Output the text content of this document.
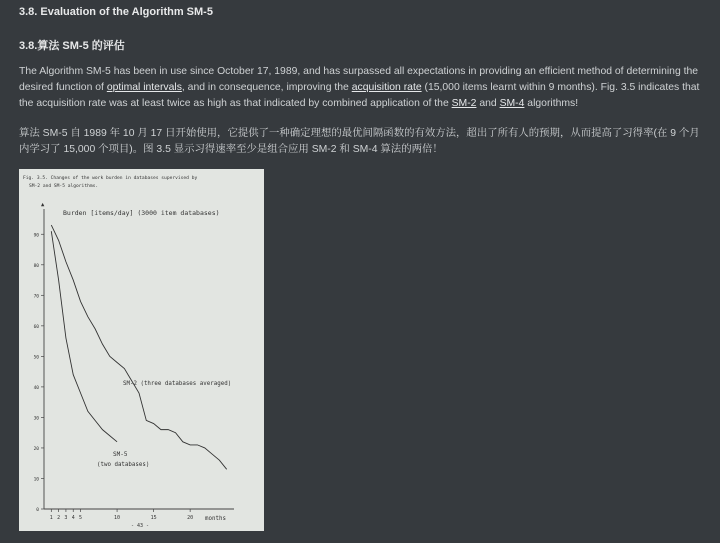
3.8. Evaluation of the Algorithm SM-5
3.8.算法 SM-5 的评估
The Algorithm SM-5 has been in use since October 17, 1989, and has surpassed all expectations in providing an efficient method of determining the desired function of optimal intervals, and in consequence, improving the acquisition rate (15,000 items learnt within 9 months). Fig. 3.5 indicates that the acquisition rate was at least twice as high as that indicated by combined application of the SM-2 and SM-4 algorithms!
算法 SM-5 自 1989 年 10 月 17 日开始使用，它提供了一种确定理想的最优间隔函数的有效方法，超出了所有人的预期，从而提高了习得率(在 9 个月内学习了 15,000 个项目)。图 3.5 显示习得速率至少是组合应用 SM-2 和 SM-4 算法的两倍！
Fig. 3.5. Changes of the work burden in databases supervised by
SM-2 and SM-5 algorithms.
Burden [items/day] (3000 item databases)
▲
0
10
20
30
40
50
60
70
80
90
1 2 3 4 5	10	15	20
SM-2 (three databases averaged)
SM-5
(two databases)
months
- 43 -
